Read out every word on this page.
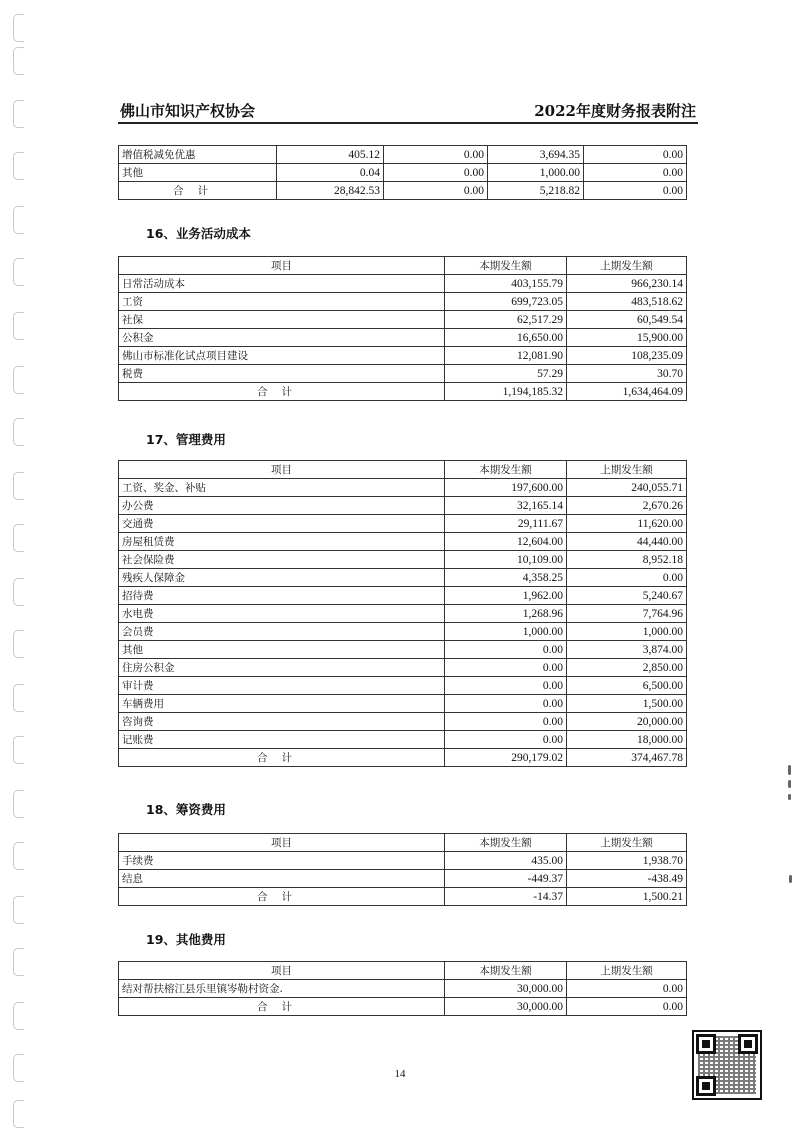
佛山市知识产权协会	2022年度财务报表附注
增值税减免优惠	405.12	0.00	3,694.35	0.00
其他	0.04	0.00	1,000.00	0.00
合计	28,842.53	0.00	5,218.82	0.00
16、业务活动成本
项目	本期发生额	上期发生额
日常活动成本	403,155.79	966,230.14
工资	699,723.05	483,518.62
社保	62,517.29	60,549.54
公积金	16,650.00	15,900.00
佛山市标准化试点项目建设	12,081.90	108,235.09
税费	57.29	30.70
合计	1,194,185.32	1,634,464.09
17、管理费用
项目	本期发生额	上期发生额
工资、奖金、补贴	197,600.00	240,055.71
办公费	32,165.14	2,670.26
交通费	29,111.67	11,620.00
房屋租赁费	12,604.00	44,440.00
社会保险费	10,109.00	8,952.18
残疾人保障金	4,358.25	0.00
招待费	1,962.00	5,240.67
水电费	1,268.96	7,764.96
会员费	1,000.00	1,000.00
其他	0.00	3,874.00
住房公积金	0.00	2,850.00
审计费	0.00	6,500.00
车辆费用	0.00	1,500.00
咨询费	0.00	20,000.00
记账费	0.00	18,000.00
合计	290,179.02	374,467.78
18、筹资费用
项目	本期发生额	上期发生额
手续费	435.00	1,938.70
结息	-449.37	-438.49
合计	-14.37	1,500.21
19、其他费用
项目	本期发生额	上期发生额
结对帮扶榕江县乐里镇岑勒村资金.	30,000.00	0.00
合计	30,000.00	0.00
14
